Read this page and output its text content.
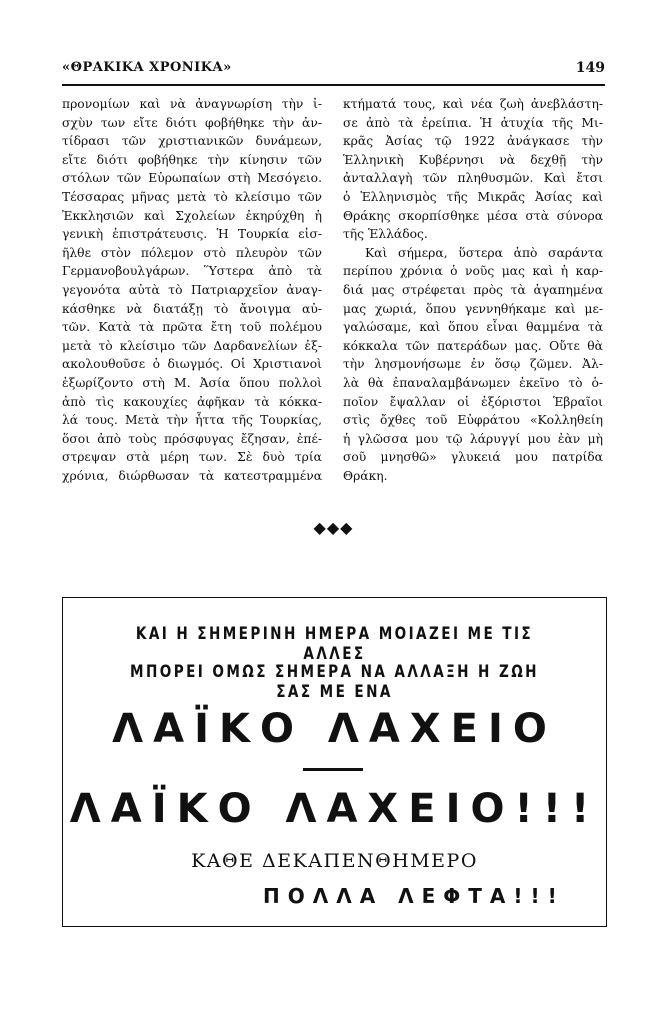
«ΘΡΑΚΙΚΑ ΧΡΟΝΙΚΑ»	149
προνομίων καὶ νὰ ἀναγνωρίση τὴν ἰ-
σχὺν των εἴτε διότι φοβήθηκε τὴν ἀν-
τίδρασι τῶν χριστιανικῶν δυνάμεων,
εἴτε διότι φοβήθηκε τὴν κίνησιν τῶν
στόλων τῶν Εὐρωπαίων στὴ Μεσόγειο.
Τέσσαρας μῆνας μετὰ τὸ κλείσιμο τῶν
Ἐκκλησιῶν καὶ Σχολείων ἐκηρύχθη ἡ
γενικὴ ἐπιστράτευσις. Ἡ Τουρκία εἰσ-
ῆλθε στὸν πόλεμον στὸ πλευρὸν τῶν
Γερμανοβουλγάρων. Ὕστερα ἀπὸ τὰ
γεγονότα αὐτὰ τὸ Πατριαρχεῖον ἀναγ-
κάσθηκε νὰ διατάξῃ τὸ ἄνοιγμα αὐ-
τῶν. Κατὰ τὰ πρῶτα ἔτη τοῦ πολέμου
μετὰ τὸ κλείσιμο τῶν Δαρδανελίων ἐξ-
ακολουθοῦσε ὁ διωγμός. Οἱ Χριστιανοὶ
ἐξωρίζοντο στὴ Μ. Ἀσία ὅπου πολλοὶ
ἀπὸ τὶς κακουχίες ἀφῆκαν τὰ κόκκα-
λά τους. Μετὰ τὴν ἧττα τῆς Τουρκίας,
ὅσοι ἀπὸ τοὺς πρόσφυγας ἔζησαν, ἐπέ-
στρεψαν στὰ μέρη των. Σὲ δυὸ τρία
χρόνια, διώρθωσαν τὰ κατεστραμμένα
κτήματά τους, καὶ νέα ζωὴ ἀνεβλάστη-
σε ἀπὸ τὰ ἐρείπια. Ἡ ἀτυχία τῆς Μι-
κρᾶς Ἀσίας τῷ 1922 ἀνάγκασε τὴν
Ἑλληνικὴ Κυβέρνησι νὰ δεχθῇ τὴν
ἀνταλλαγὴ τῶν πληθυσμῶν. Καὶ ἔτσι
ὁ Ἑλληνισμὸς τῆς Μικρᾶς Ἀσίας καὶ
Θράκης σκορπίσθηκε μέσα στὰ σύνορα
τῆς Ἑλλάδος.
Καὶ σήμερα, ὕστερα ἀπὸ σαράντα
περίπου χρόνια ὁ νοῦς μας καὶ ἡ καρ-
διά μας στρέφεται πρὸς τὰ ἀγαπημένα
μας χωριά, ὅπου γεννηθήκαμε καὶ με-
γαλώσαμε, καὶ ὅπου εἶναι θαμμένα τὰ
κόκκαλα τῶν πατεράδων μας. Οὔτε θὰ
τὴν λησμονήσωμε ἐν ὅσῳ ζῶμεν. Ἀλ-
λὰ θὰ ἐπαναλαμβάνωμεν ἐκεῖνο τὸ ὁ-
ποῖον ἔψαλλαν οἱ ἐξόριστοι Ἑβραῖοι
στὶς ὄχθες τοῦ Εὐφράτου «Κολληθείη
ἡ γλῶσσα μου τῷ λάρυγγί μου ἐὰν μὴ
σοῦ μνησθῶ» γλυκειά μου πατρίδα
Θράκη.
◆◆◆
ΚΑΙ Η ΣΗΜΕΡΙΝΗ ΗΜΕΡΑ ΜΟΙΑΖΕΙ ΜΕ ΤΙΣ ΑΛΛΕΣ
ΜΠΟΡΕΙ ΟΜΩΣ ΣΗΜΕΡΑ ΝΑ ΑΛΛΑΞΗ Η ΖΩΗ ΣΑΣ ΜΕ ΕΝΑ
ΛΑΪΚΟ ΛΑΧΕΙΟ
ΛΑΪΚΟ ΛΑΧΕΙΟ!!!
ΚΑΘΕ ΔΕΚΑΠΕΝΘΗΜΕΡΟ
ΠΟΛΛΑ ΛΕΦΤΑ!!!
